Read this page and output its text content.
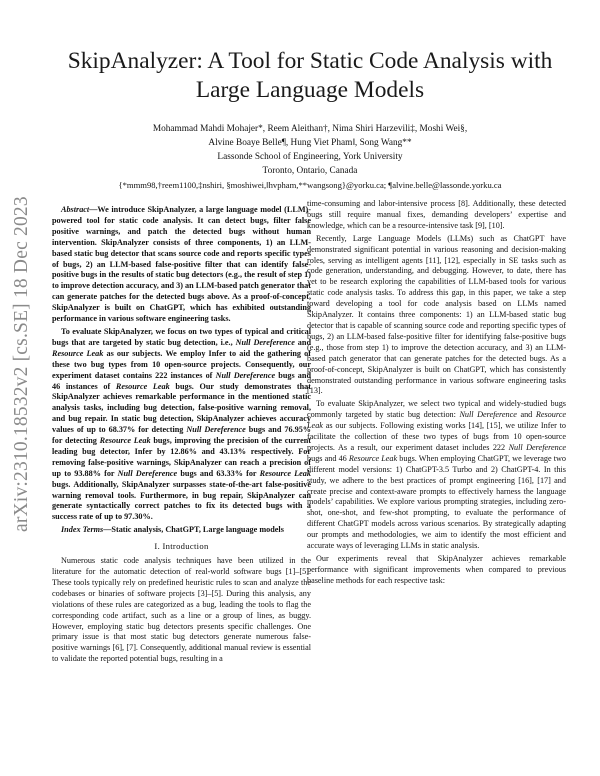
arXiv:2310.18532v2 [cs.SE] 18 Dec 2023
SkipAnalyzer: A Tool for Static Code Analysis with
Large Language Models
Mohammad Mahdi Mohajer*, Reem Aleithan†, Nima Shiri Harzevili‡, Moshi Wei§,
Alvine Boaye Belle¶, Hung Viet Pham‖, Song Wang**
Lassonde School of Engineering, York University
Toronto, Ontario, Canada
{*mmm98,†reem1100,‡nshiri, §moshiwei,‖hvpham,**wangsong}@yorku.ca; ¶alvine.belle@lassonde.yorku.ca

Abstract—We introduce SkipAnalyzer, a large language model (LLM)-powered tool for static code analysis. It can detect bugs, filter false positive warnings, and patch the detected bugs without human intervention. SkipAnalyzer consists of three components, 1) an LLM-based static bug detector that scans source code and reports specific types of bugs, 2) an LLM-based false-positive filter that can identify false-positive bugs in the results of static bug detectors (e.g., the result of step 1) to improve detection accuracy, and 3) an LLM-based patch generator that can generate patches for the detected bugs above. As a proof-of-concept, SkipAnalyzer is built on ChatGPT, which has exhibited outstanding performance in various software engineering tasks.

To evaluate SkipAnalyzer, we focus on two types of typical and critical bugs that are targeted by static bug detection, i.e., Null Dereference and Resource Leak as our subjects. We employ Infer to aid the gathering of these two bug types from 10 open-source projects. Consequently, our experiment dataset contains 222 instances of Null Dereference bugs and 46 instances of Resource Leak bugs. Our study demonstrates that SkipAnalyzer achieves remarkable performance in the mentioned static analysis tasks, including bug detection, false-positive warning removal, and bug repair. In static bug detection, SkipAnalyzer achieves accuracy values of up to 68.37% for detecting Null Dereference bugs and 76.95% for detecting Resource Leak bugs, improving the precision of the current leading bug detector, Infer by 12.86% and 43.13% respectively. For removing false-positive warnings, SkipAnalyzer can reach a precision of up to 93.88% for Null Dereference bugs and 63.33% for Resource Leak bugs. Additionally, SkipAnalyzer surpasses state-of-the-art false-positive warning removal tools. Furthermore, in bug repair, SkipAnalyzer can generate syntactically correct patches to fix its detected bugs with a success rate of up to 97.30%.

Index Terms—Static analysis, ChatGPT, Large language models

I. Introduction

Numerous static code analysis techniques have been utilized in the literature for the automatic detection of real-world software bugs [1]–[5]. These tools typically rely on predefined heuristic rules to scan and analyze the codebases or binaries of software projects [3]–[5]. During this analysis, any violations of these rules are categorized as a bug, leading the tools to flag the corresponding code artifact, such as a line or a group of lines, as buggy. However, employing static bug detectors presents specific challenges. One primary issue is that most static bug detectors generate numerous false-positive warnings [6], [7]. Consequently, additional manual review is essential to validate the reported potential bugs, resulting in a

time-consuming and labor-intensive process [8]. Additionally, these detected bugs still require manual fixes, demanding developers’ expertise and knowledge, which can be a resource-intensive task [9], [10].

Recently, Large Language Models (LLMs) such as ChatGPT have demonstrated significant potential in various reasoning and decision-making roles, serving as intelligent agents [11], [12], especially in SE tasks such as code generation, understanding, and debugging. However, to date, there has yet to be research exploring the capabilities of LLM-based tools for various static code analysis tasks. To address this gap, in this paper, we take a step toward developing a tool for code analysis based on LLMs named SkipAnalyzer. It contains three components: 1) an LLM-based static bug detector that is capable of scanning source code and reporting specific types of bugs, 2) an LLM-based false-positive filter for identifying false-positive bugs (e.g., those from step 1) to improve the detection accuracy, and 3) an LLM-based patch generator that can generate patches for the detected bugs. As a proof-of-concept, SkipAnalyzer is built on ChatGPT, which has consistently demonstrated outstanding performance in various software engineering tasks [13].

To evaluate SkipAnalyzer, we select two typical and widely-studied bugs commonly targeted by static bug detection: Null Dereference and Resource Leak as our subjects. Following existing works [14], [15], we utilize Infer to facilitate the collection of these two types of bugs from 10 open-source projects. As a result, our experiment dataset includes 222 Null Dereference bugs and 46 Resource Leak bugs. When employing ChatGPT, we leverage two different model versions: 1) ChatGPT-3.5 Turbo and 2) ChatGPT-4. In this study, we adhere to the best practices of prompt engineering [16], [17] and create precise and context-aware prompts to effectively harness the language models’ capabilities. We explore various prompting strategies, including zero-shot, one-shot, and few-shot prompting, to evaluate the performance of different ChatGPT models across various scenarios. By strategically adapting our prompts and methodologies, we aim to identify the most efficient and accurate ways of leveraging LLMs in static analysis.

Our experiments reveal that SkipAnalyzer achieves remarkable performance with significant improvements when compared to previous baseline methods for each respective task:
